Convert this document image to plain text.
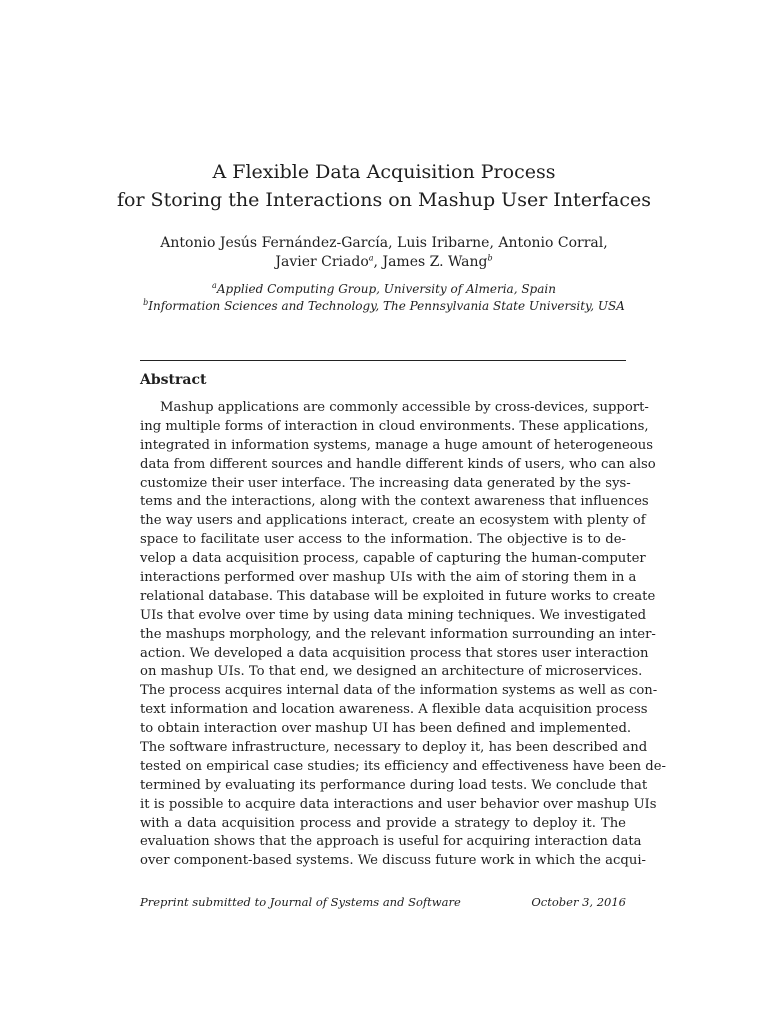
A Flexible Data Acquisition Process
for Storing the Interactions on Mashup User Interfaces
Antonio Jesús Fernández-García, Luis Iribarne, Antonio Corral,
Javier Criado$^a$, James Z. Wang$^b$
$^a$Applied Computing Group, University of Almeria, Spain
$^b$Information Sciences and Technology, The Pennsylvania State University, USA
Abstract
Mashup applications are commonly accessible by cross-devices, support-
ing multiple forms of interaction in cloud environments. These applications,
integrated in information systems, manage a huge amount of heterogeneous
data from different sources and handle different kinds of users, who can also
customize their user interface. The increasing data generated by the sys-
tems and the interactions, along with the context awareness that influences
the way users and applications interact, create an ecosystem with plenty of
space to facilitate user access to the information. The objective is to de-
velop a data acquisition process, capable of capturing the human-computer
interactions performed over mashup UIs with the aim of storing them in a
relational database. This database will be exploited in future works to create
UIs that evolve over time by using data mining techniques. We investigated
the mashups morphology, and the relevant information surrounding an inter-
action. We developed a data acquisition process that stores user interaction
on mashup UIs. To that end, we designed an architecture of microservices.
The process acquires internal data of the information systems as well as con-
text information and location awareness. A flexible data acquisition process
to obtain interaction over mashup UI has been defined and implemented.
The software infrastructure, necessary to deploy it, has been described and
tested on empirical case studies; its efficiency and effectiveness have been de-
termined by evaluating its performance during load tests. We conclude that
it is possible to acquire data interactions and user behavior over mashup UIs
with a data acquisition process and provide a strategy to deploy it. The
evaluation shows that the approach is useful for acquiring interaction data
over component-based systems. We discuss future work in which the acqui-
Preprint submitted to Journal of Systems and Software	October 3, 2016
